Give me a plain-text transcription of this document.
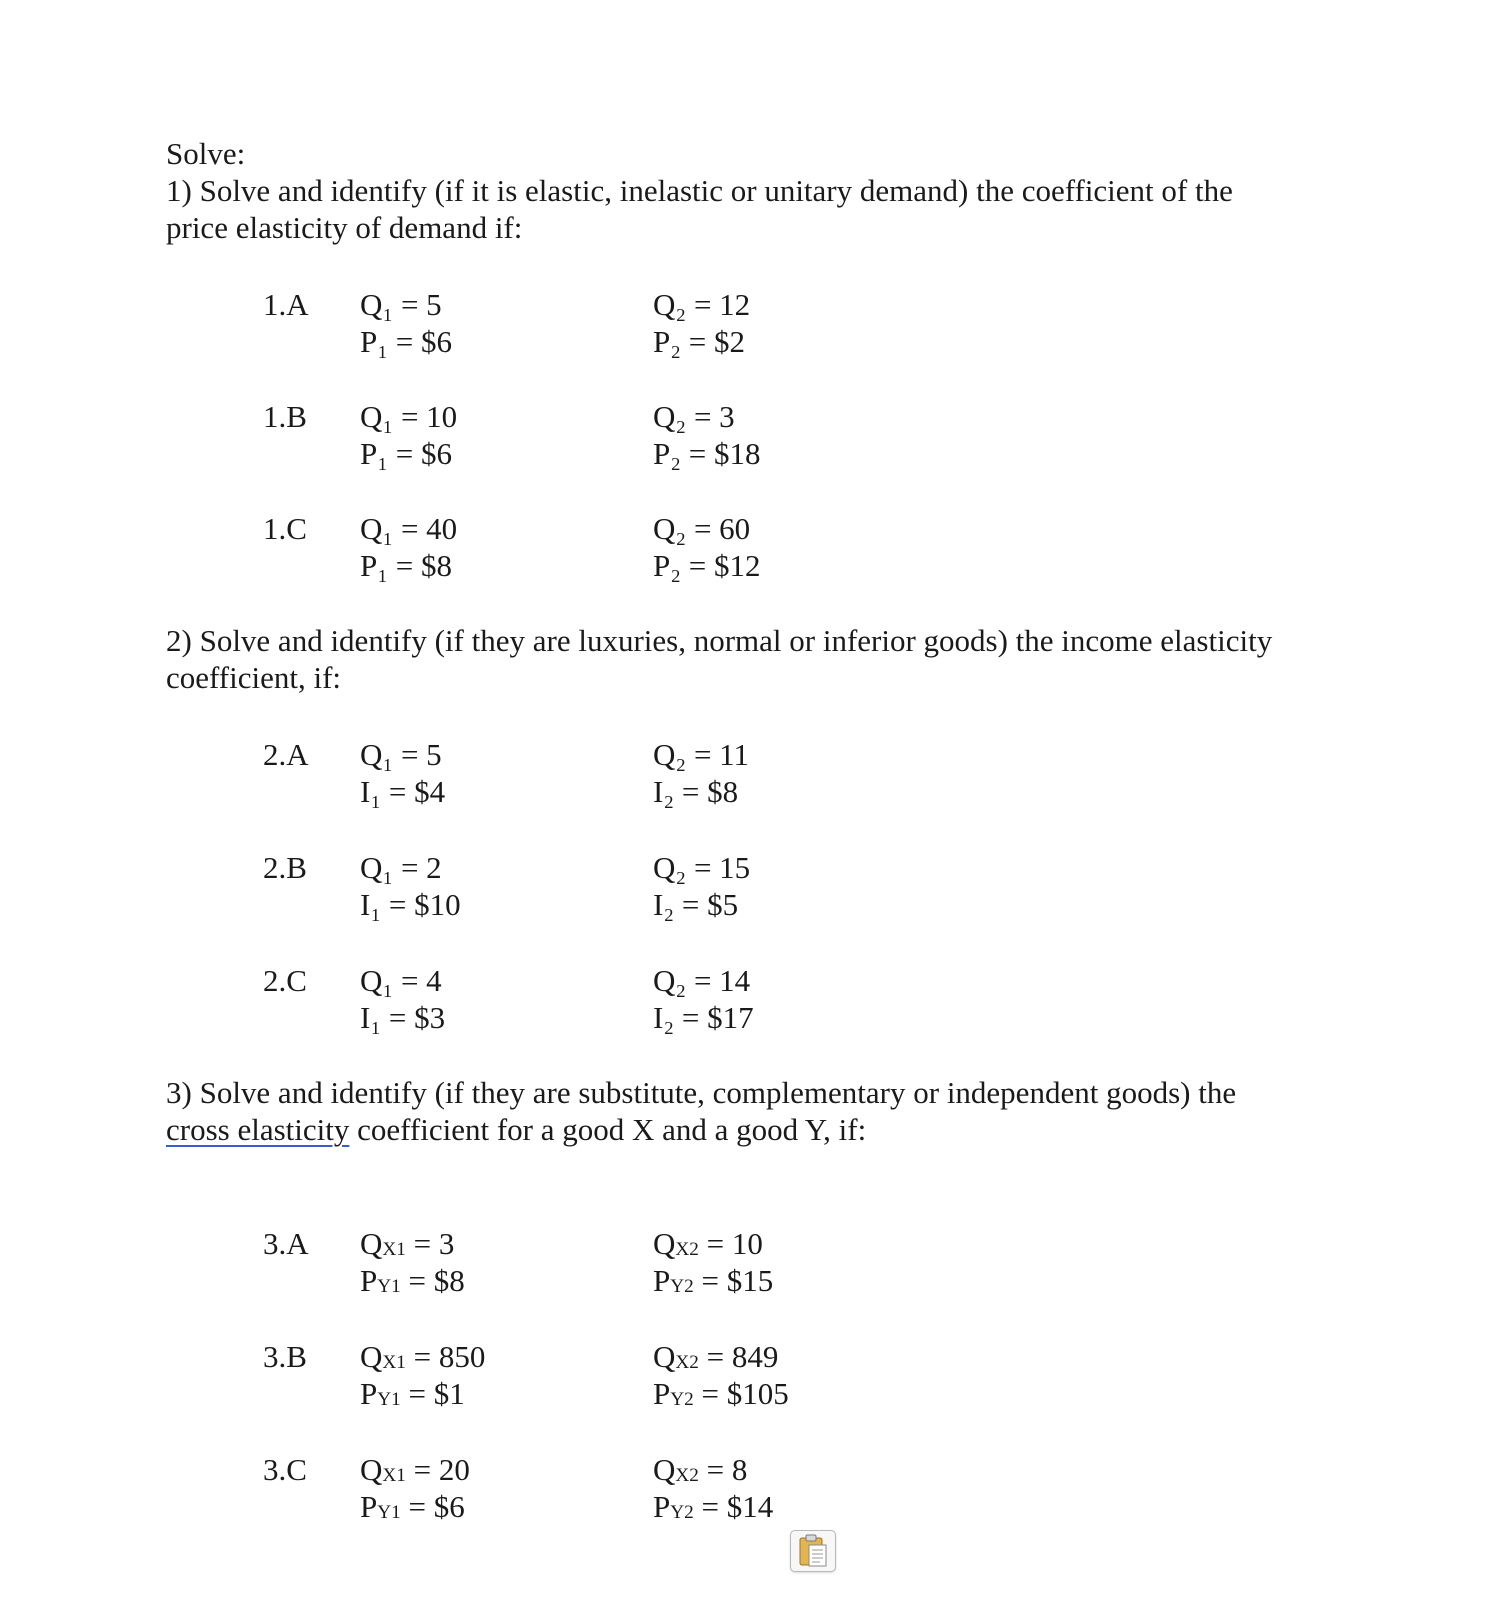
Solve:
1) Solve and identify (if it is elastic, inelastic or unitary demand) the coefficient of the
price elasticity of demand if:
1.A Q₁ = 5	Q₂ = 12
P₁ = $6	P₂ = $2
1.B Q₁ = 10	Q₂ = 3
P₁ = $6	P₂ = $18
1.C Q₁ = 40	Q₂ = 60
P₁ = $8	P₂ = $12
2) Solve and identify (if they are luxuries, normal or inferior goods) the income elasticity
coefficient, if:
2.A Q₁ = 5	Q₂ = 11
I₁ = $4	I₂ = $8
2.B Q₁ = 2	Q₂ = 15
I₁ = $10	I₂ = $5
2.C Q₁ = 4	Q₂ = 14
I₁ = $3	I₂ = $17
3) Solve and identify (if they are substitute, complementary or independent goods) the
cross elasticity coefficient for a good X and a good Y, if:
3.A QX1 = 3	QX2 = 10
PY1 = $8	PY2 = $15
3.B QX1 = 850	QX2 = 849
PY1 = $1	PY2 = $105
3.C QX1 = 20	QX2 = 8
PY1 = $6	PY2 = $14
